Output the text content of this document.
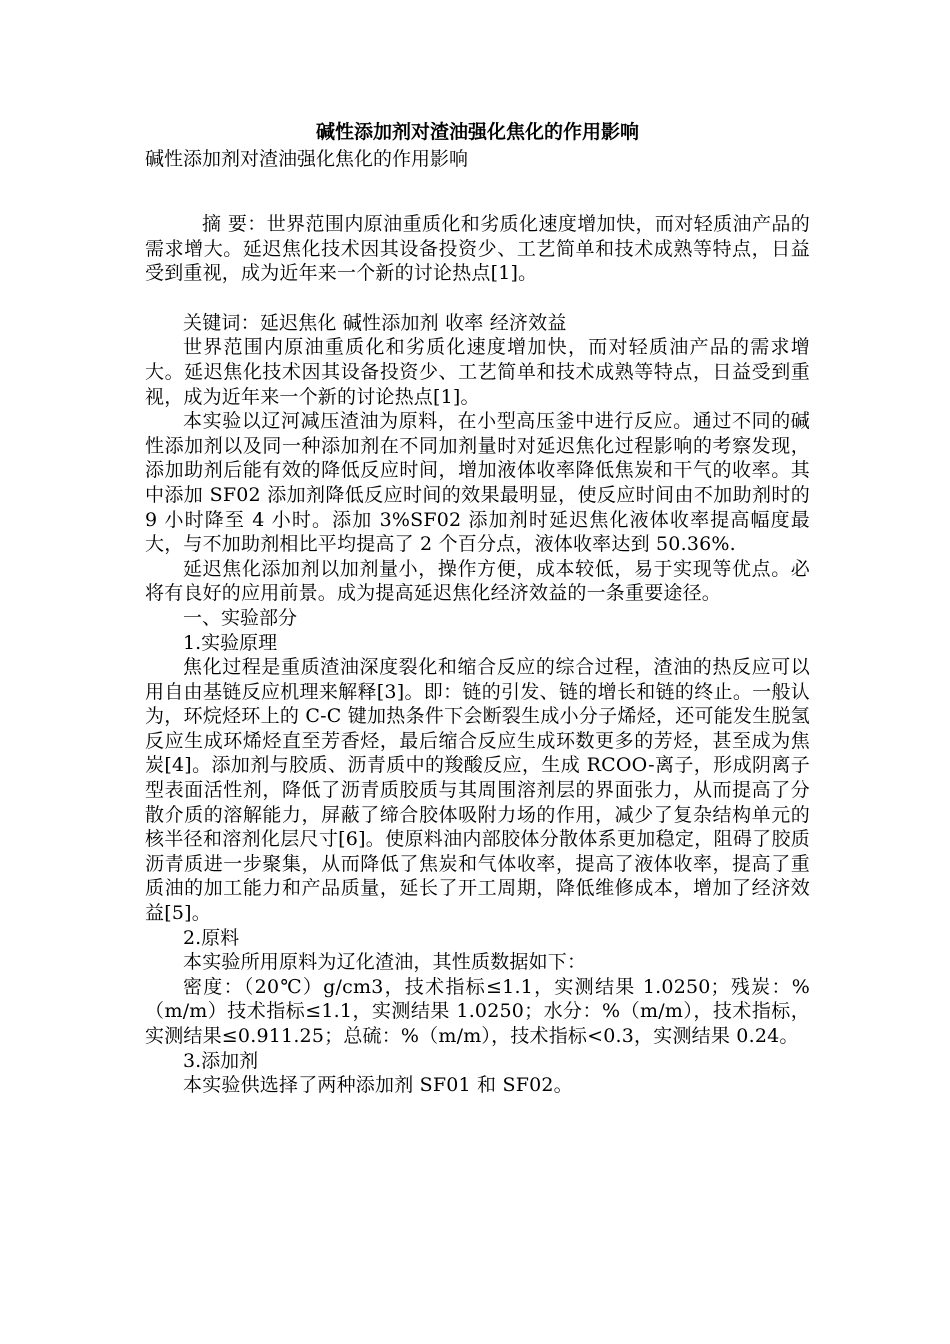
碱性添加剂对渣油强化焦化的作用影响

碱性添加剂对渣油强化焦化的作用影响

摘 要：世界范围内原油重质化和劣质化速度增加快，而对轻质油产品的需求增大。延迟焦化技术因其设备投资少、工艺简单和技术成熟等特点，日益受到重视，成为近年来一个新的讨论热点[1]。

关键词：延迟焦化 碱性添加剂 收率 经济效益

世界范围内原油重质化和劣质化速度增加快，而对轻质油产品的需求增大。延迟焦化技术因其设备投资少、工艺简单和技术成熟等特点，日益受到重视，成为近年来一个新的讨论热点[1]。

本实验以辽河减压渣油为原料，在小型高压釜中进行反应。通过不同的碱性添加剂以及同一种添加剂在不同加剂量时对延迟焦化过程影响的考察发现，添加助剂后能有效的降低反应时间，增加液体收率降低焦炭和干气的收率。其中添加 SF02 添加剂降低反应时间的效果最明显，使反应时间由不加助剂时的 9 小时降至 4 小时。添加 3%SF02 添加剂时延迟焦化液体收率提高幅度最大，与不加助剂相比平均提高了 2 个百分点，液体收率达到 50.36%.

延迟焦化添加剂以加剂量小，操作方便，成本较低，易于实现等优点。必将有良好的应用前景。成为提高延迟焦化经济效益的一条重要途径。

一、实验部分

1.实验原理

焦化过程是重质渣油深度裂化和缩合反应的综合过程，渣油的热反应可以用自由基链反应机理来解释[3]。即：链的引发、链的增长和链的终止。一般认为，环烷烃环上的 C-C 键加热条件下会断裂生成小分子烯烃，还可能发生脱氢反应生成环烯烃直至芳香烃，最后缩合反应生成环数更多的芳烃，甚至成为焦炭[4]。添加剂与胶质、沥青质中的羧酸反应，生成 RCOO-离子，形成阴离子型表面活性剂，降低了沥青质胶质与其周围溶剂层的界面张力，从而提高了分散介质的溶解能力，屏蔽了缔合胶体吸附力场的作用，减少了复杂结构单元的核半径和溶剂化层尺寸[6]。使原料油内部胶体分散体系更加稳定，阻碍了胶质沥青质进一步聚集，从而降低了焦炭和气体收率，提高了液体收率，提高了重质油的加工能力和产品质量，延长了开工周期，降低维修成本，增加了经济效益[5]。

2.原料

本实验所用原料为辽化渣油，其性质数据如下：

密度：（20℃）g/cm3，技术指标≤1.1，实测结果 1.0250；残炭：%（m/m）技术指标≤1.1，实测结果 1.0250；水分：%（m/m），技术指标，实测结果≤0.911.25；总硫：%（m/m），技术指标<0.3，实测结果 0.24。

3.添加剂

本实验供选择了两种添加剂 SF01 和 SF02。
